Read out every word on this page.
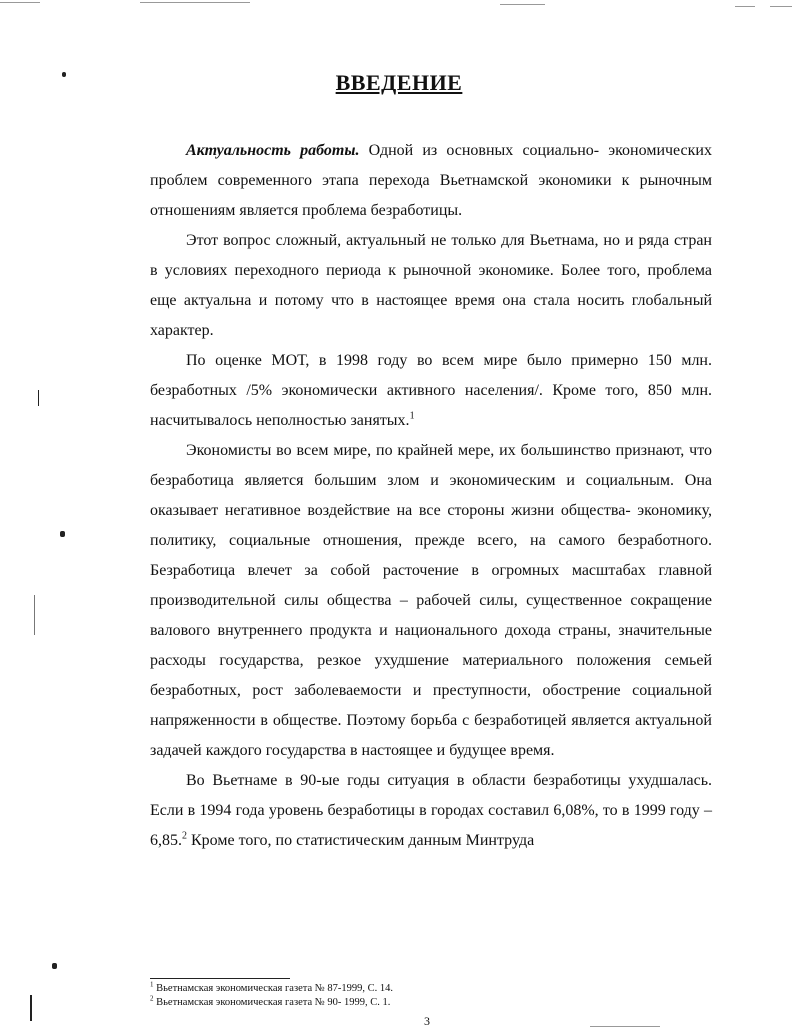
ВВЕДЕНИЕ

Актуальность работы. Одной из основных социально- экономических проблем современного этапа перехода Вьетнамской экономики к рыночным отношениям является проблема безработицы.

Этот вопрос сложный, актуальный не только для Вьетнама, но и ряда стран в условиях переходного периода к рыночной экономике. Более того, проблема еще актуальна и потому что в настоящее время она стала носить глобальный характер.

По оценке МОТ, в 1998 году во всем мире было примерно 150 млн. безработных /5% экономически активного населения/. Кроме того, 850 млн. насчитывалось неполностью занятых.$^1$

Экономисты во всем мире, по крайней мере, их большинство признают, что безработица является большим злом и экономическим и социальным. Она оказывает негативное воздействие на все стороны жизни общества- экономику, политику, социальные отношения, прежде всего, на самого безработного. Безработица влечет за собой расточение в огромных масштабах главной производительной силы общества – рабочей силы, существенное сокращение валового внутреннего продукта и национального дохода страны, значительные расходы государства, резкое ухудшение материального положения семьей безработных, рост заболеваемости и преступности, обострение социальной напряженности в обществе. Поэтому борьба с безработицей является актуальной задачей каждого государства в настоящее и будущее время.

Во Вьетнаме в 90-ые годы ситуация в области безработицы ухудшалась. Если в 1994 года уровень безработицы в городах составил 6,08%, то в 1999 году – 6,85.$^2$ Кроме того, по статистическим данным Минтруда

$^1$ Вьетнамская экономическая газета № 87-1999, С. 14.
$^2$ Вьетнамская экономическая газета № 90- 1999, С. 1.
3
